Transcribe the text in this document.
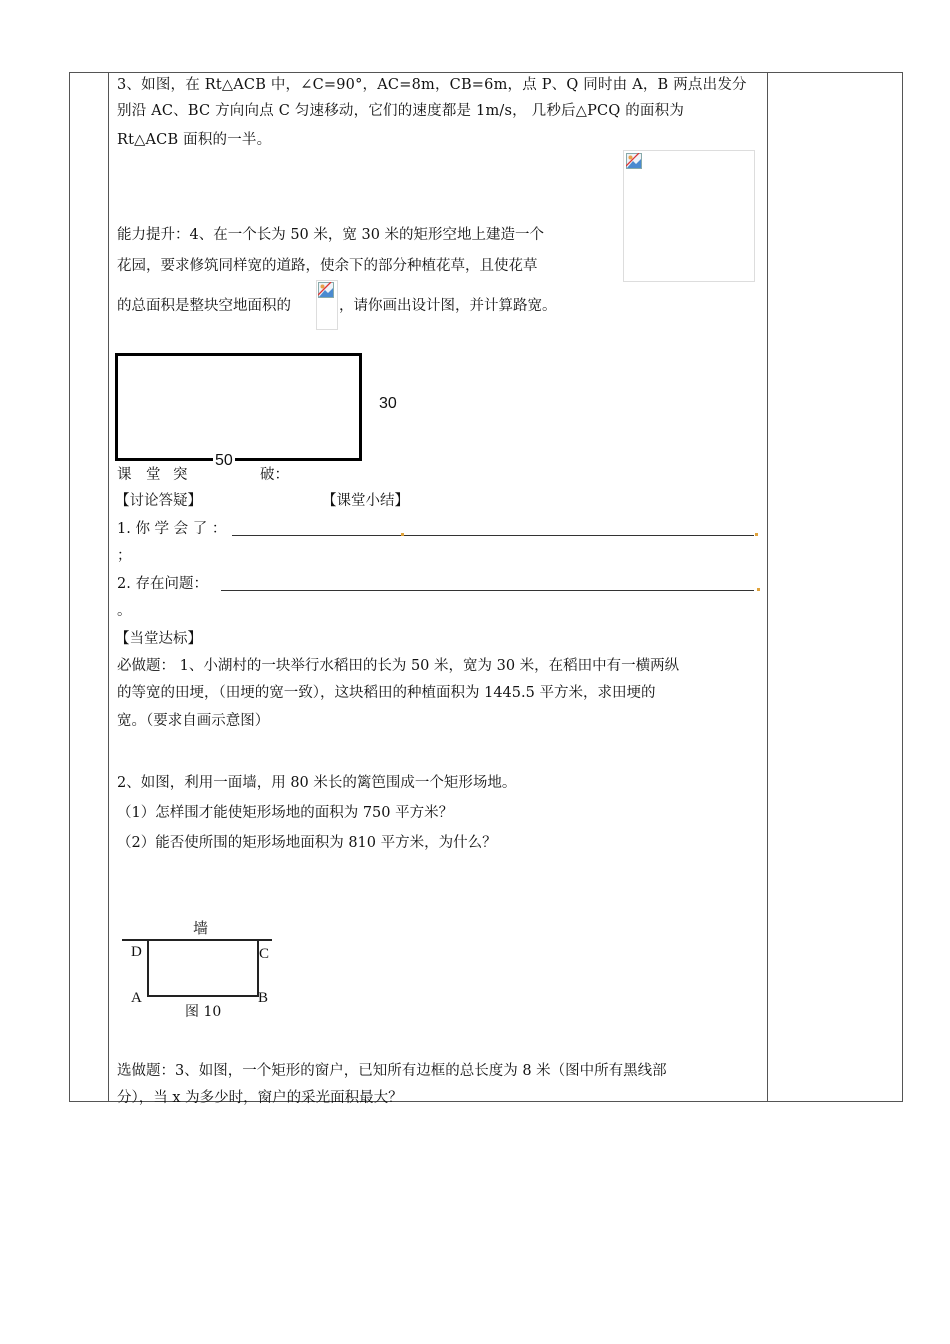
3、如图，在 Rt△ACB 中，∠C=90°，AC=8m，CB=6m，点 P、Q 同时由 A，B 两点出发分
别沿 AC、BC 方向向点 C 匀速移动，它们的速度都是 1m/s， 几秒后△PCQ 的面积为
Rt△ACB 面积的一半。
能力提升：4、在一个长为 50 米，宽 30 米的矩形空地上建造一个
花园，要求修筑同样宽的道路，使余下的部分种植花草，且使花草
的总面积是整块空地面积的	，请你画出设计图，并计算路宽。
30
50
课 堂 突	破：
【讨论答疑】	【课堂小结】
1. 你 学 会 了 ：
；
2. 存在问题：
。
【当堂达标】
必做题： 1、小湖村的一块举行水稻田的长为 50 米，宽为 30 米，在稻田中有一横两纵
的等宽的田埂，（田埂的宽一致），这块稻田的种植面积为 1445.5 平方米，求田埂的
宽。（要求自画示意图）
2、如图，利用一面墙，用 80 米长的篱笆围成一个矩形场地。
（1）怎样围才能使矩形场地的面积为 750 平方米？
（2）能否使所围的矩形场地面积为 810 平方米，为什么？
墙
D	C
A	B
图 10
选做题：3、如图，一个矩形的窗户，已知所有边框的总长度为 8 米（图中所有黑线部
分），当 x 为多少时，窗户的采光面积最大？
